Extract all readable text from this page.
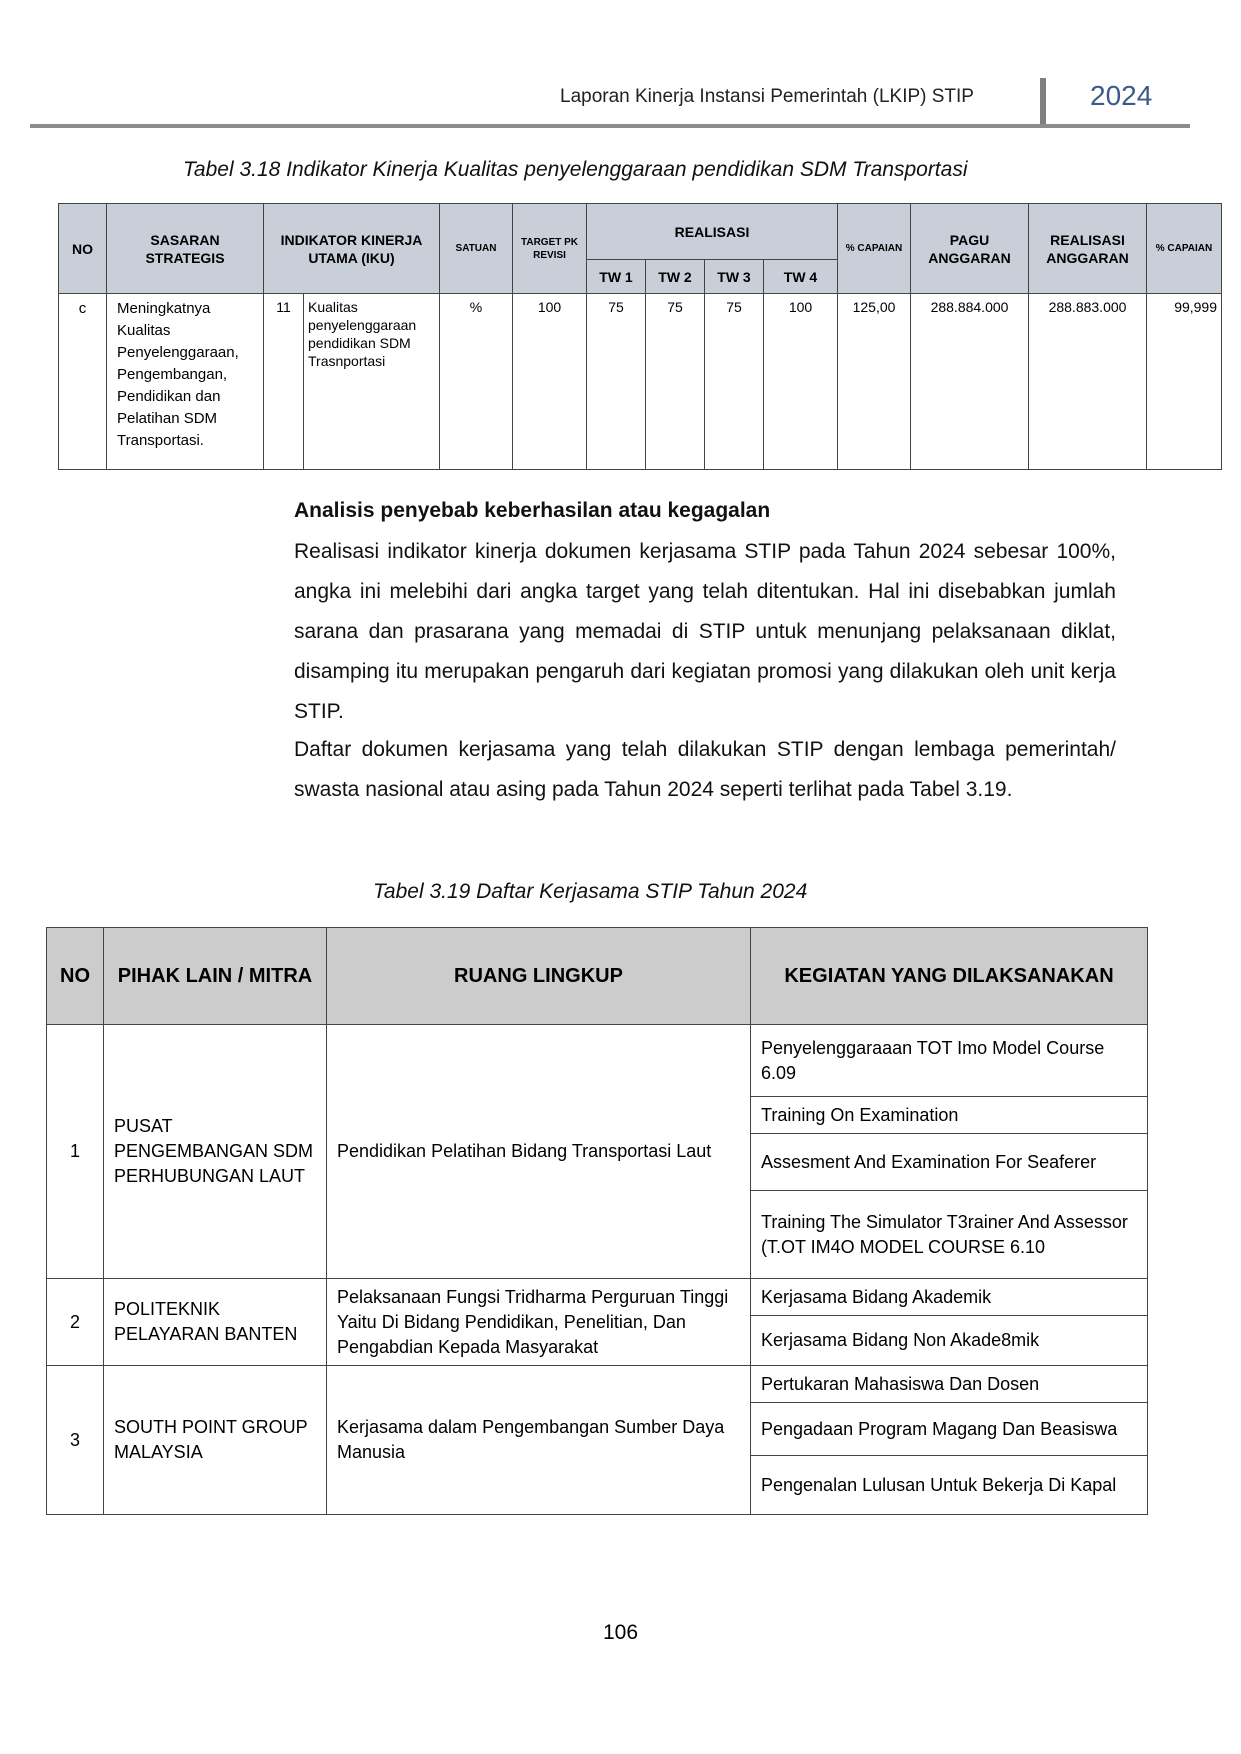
Laporan Kinerja Instansi Pemerintah (LKIP) STIP	2024
Tabel 3.18 Indikator Kinerja Kualitas penyelenggaraan pendidikan SDM Transportasi
NO	SASARAN STRATEGIS	INDIKATOR KINERJA UTAMA (IKU)		SATUAN	TARGET PK REVISI	REALISASI				% CAPAIAN	PAGU ANGGARAN	REALISASI ANGGARAN	% CAPAIAN
						TW 1	TW 2	TW 3	TW 4				
c	Meningkatnya Kualitas Penyelenggaraan, Pengembangan, Pendidikan dan Pelatihan SDM Transportasi.	11	Kualitas penyelenggaraan pendidikan SDM Trasnportasi	%	100	75	75	75	100	125,00	288.884.000	288.883.000	99,999
Analisis penyebab keberhasilan atau kegagalan
Realisasi indikator kinerja dokumen kerjasama STIP pada Tahun 2024 sebesar 100%, angka ini melebihi dari angka target yang telah ditentukan. Hal ini disebabkan jumlah sarana dan prasarana yang memadai di STIP untuk menunjang pelaksanaan diklat, disamping itu merupakan pengaruh dari kegiatan promosi yang dilakukan oleh unit kerja STIP.
Daftar dokumen kerjasama yang telah dilakukan STIP dengan lembaga pemerintah/ swasta nasional atau asing pada Tahun 2024 seperti terlihat pada Tabel 3.19.
Tabel 3.19 Daftar Kerjasama STIP Tahun 2024
NO	PIHAK LAIN / MITRA	RUANG LINGKUP	KEGIATAN YANG DILAKSANAKAN
1	PUSAT PENGEMBANGAN SDM PERHUBUNGAN LAUT	Pendidikan Pelatihan Bidang Transportasi Laut	Penyelenggaraaan TOT Imo Model Course 6.09
			Training On Examination
			Assesment And Examination For Seaferer
			Training The Simulator T3rainer And Assessor (T.OT IM4O MODEL COURSE 6.10
2	POLITEKNIK PELAYARAN BANTEN	Pelaksanaan Fungsi Tridharma Perguruan Tinggi Yaitu Di Bidang Pendidikan, Penelitian, Dan Pengabdian Kepada Masyarakat	Kerjasama Bidang Akademik
			Kerjasama Bidang Non Akade8mik
3	SOUTH POINT GROUP MALAYSIA	Kerjasama dalam Pengembangan Sumber Daya Manusia	Pertukaran Mahasiswa Dan Dosen
			Pengadaan Program Magang Dan Beasiswa
			Pengenalan Lulusan Untuk Bekerja Di Kapal
106
